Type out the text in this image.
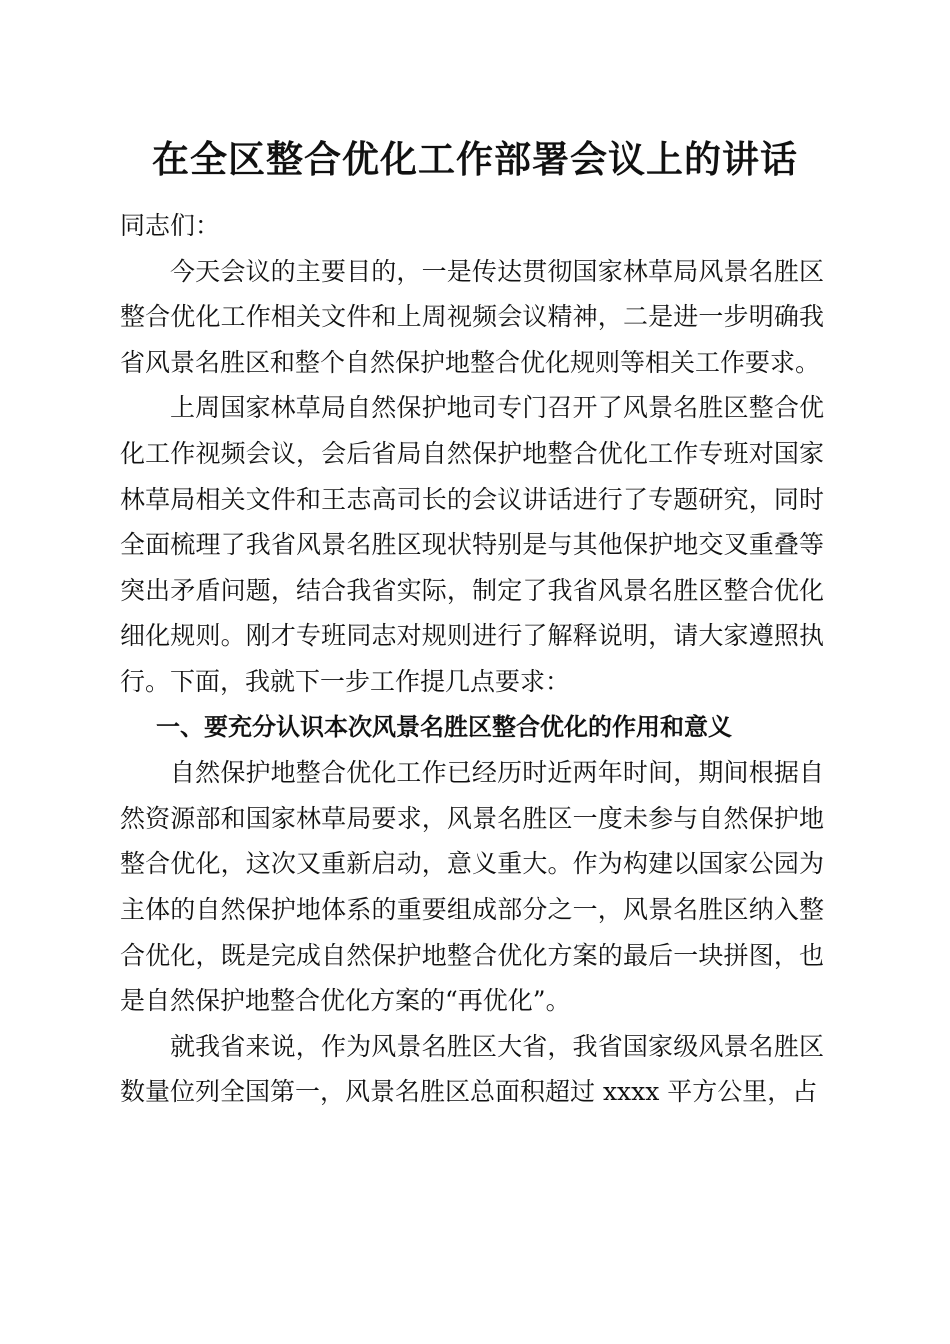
在全区整合优化工作部署会议上的讲话

同志们：

今天会议的主要目的，一是传达贯彻国家林草局风景名胜区整合优化工作相关文件和上周视频会议精神，二是进一步明确我省风景名胜区和整个自然保护地整合优化规则等相关工作要求。

上周国家林草局自然保护地司专门召开了风景名胜区整合优化工作视频会议，会后省局自然保护地整合优化工作专班对国家林草局相关文件和王志高司长的会议讲话进行了专题研究，同时全面梳理了我省风景名胜区现状特别是与其他保护地交叉重叠等突出矛盾问题，结合我省实际，制定了我省风景名胜区整合优化细化规则。刚才专班同志对规则进行了解释说明，请大家遵照执行。下面，我就下一步工作提几点要求：

一、要充分认识本次风景名胜区整合优化的作用和意义

自然保护地整合优化工作已经历时近两年时间，期间根据自然资源部和国家林草局要求，风景名胜区一度未参与自然保护地整合优化，这次又重新启动，意义重大。作为构建以国家公园为主体的自然保护地体系的重要组成部分之一，风景名胜区纳入整合优化，既是完成自然保护地整合优化方案的最后一块拼图，也是自然保护地整合优化方案的“再优化”。

就我省来说，作为风景名胜区大省，我省国家级风景名胜区数量位列全国第一，风景名胜区总面积超过 xxxx 平方公里，占
